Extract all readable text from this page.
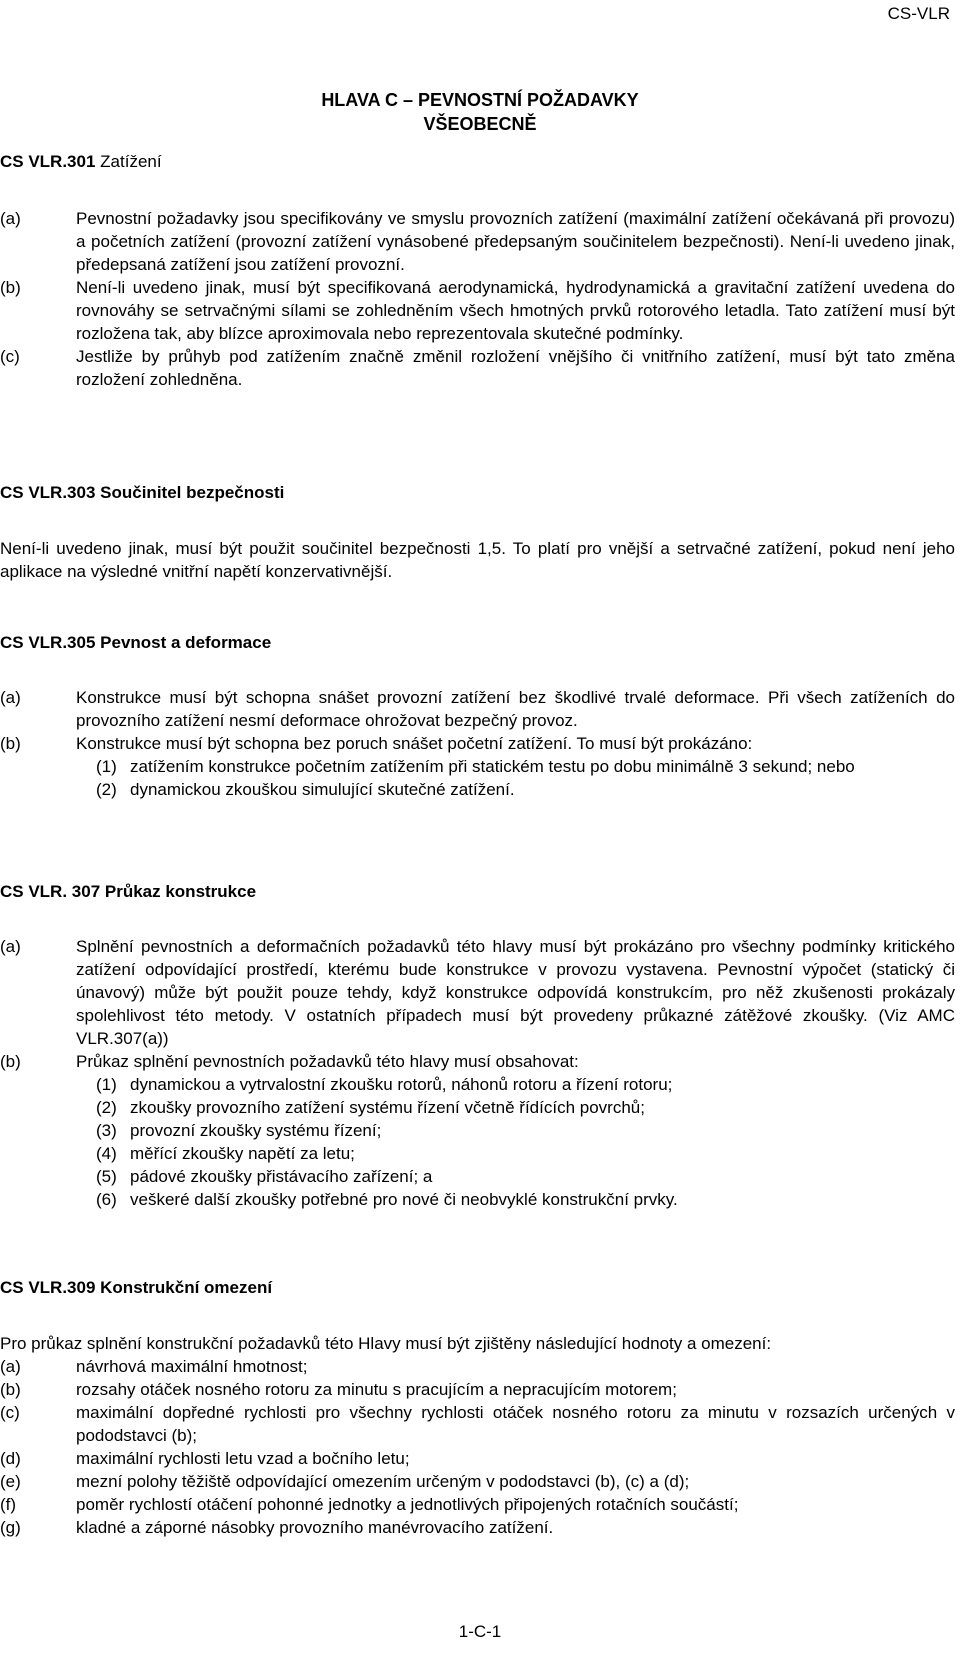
CS-VLR
HLAVA C – PEVNOSTNÍ POŽADAVKY
VŠEOBECNĚ
CS VLR.301 Zatížení
(a)	Pevnostní požadavky jsou specifikovány ve smyslu provozních zatížení (maximální zatížení očekávaná při provozu) a početních zatížení (provozní zatížení vynásobené předepsaným součinitelem bezpečnosti). Není-li uvedeno jinak, předepsaná zatížení jsou zatížení provozní.
(b)	Není-li uvedeno jinak, musí být specifikovaná aerodynamická, hydrodynamická a gravitační zatížení uvedena do rovnováhy se setrvačnými sílami se zohledněním všech hmotných prvků rotorového letadla. Tato zatížení musí být rozložena tak, aby blízce aproximovala nebo reprezentovala skutečné podmínky.
(c)	Jestliže by průhyb pod zatížením značně změnil rozložení vnějšího či vnitřního zatížení, musí být tato změna rozložení zohledněna.
CS VLR.303 Součinitel bezpečnosti
Není-li uvedeno jinak, musí být použit součinitel bezpečnosti 1,5. To platí pro vnější a setrvačné zatížení, pokud není jeho aplikace na výsledné vnitřní napětí konzervativnější.
CS VLR.305 Pevnost a deformace
(a)	Konstrukce musí být schopna snášet provozní zatížení bez škodlivé trvalé deformace. Při všech zatíženích do provozního zatížení nesmí deformace ohrožovat bezpečný provoz.
(b)	Konstrukce musí být schopna bez poruch snášet početní zatížení. To musí být prokázáno:
(1) zatížením konstrukce početním zatížením při statickém testu po dobu minimálně 3 sekund; nebo
(2) dynamickou zkouškou simulující skutečné zatížení.
CS VLR. 307 Průkaz konstrukce
(a)	Splnění pevnostních a deformačních požadavků této hlavy musí být prokázáno pro všechny podmínky kritického zatížení odpovídající prostředí, kterému bude konstrukce v provozu vystavena. Pevnostní výpočet (statický či únavový) může být použit pouze tehdy, když konstrukce odpovídá konstrukcím, pro něž zkušenosti prokázaly spolehlivost této metody. V ostatních případech musí být provedeny průkazné zátěžové zkoušky. (Viz AMC VLR.307(a))
(b)	Průkaz splnění pevnostních požadavků této hlavy musí obsahovat:
(1) dynamickou a vytrvalostní zkoušku rotorů, náhonů rotoru a řízení rotoru;
(2) zkoušky provozního zatížení systému řízení včetně řídících povrchů;
(3) provozní zkoušky systému řízení;
(4) měřící zkoušky napětí za letu;
(5) pádové zkoušky přistávacího zařízení; a
(6) veškeré další zkoušky potřebné pro nové či neobvyklé konstrukční prvky.
CS VLR.309 Konstrukční omezení
Pro průkaz splnění konstrukční požadavků této Hlavy musí být zjištěny následující hodnoty a omezení:
(a)	návrhová maximální hmotnost;
(b)	rozsahy otáček nosného rotoru za minutu s pracujícím a nepracujícím motorem;
(c)	maximální dopředné rychlosti pro všechny rychlosti otáček nosného rotoru za minutu v rozsazích určených v pododstavci (b);
(d)	maximální rychlosti letu vzad a bočního letu;
(e)	mezní polohy těžiště odpovídající omezením určeným v pododstavci (b), (c) a (d);
(f)	poměr rychlostí otáčení pohonné jednotky a jednotlivých připojených rotačních součástí;
(g)	kladné a záporné násobky provozního manévrovacího zatížení.
1-C-1
